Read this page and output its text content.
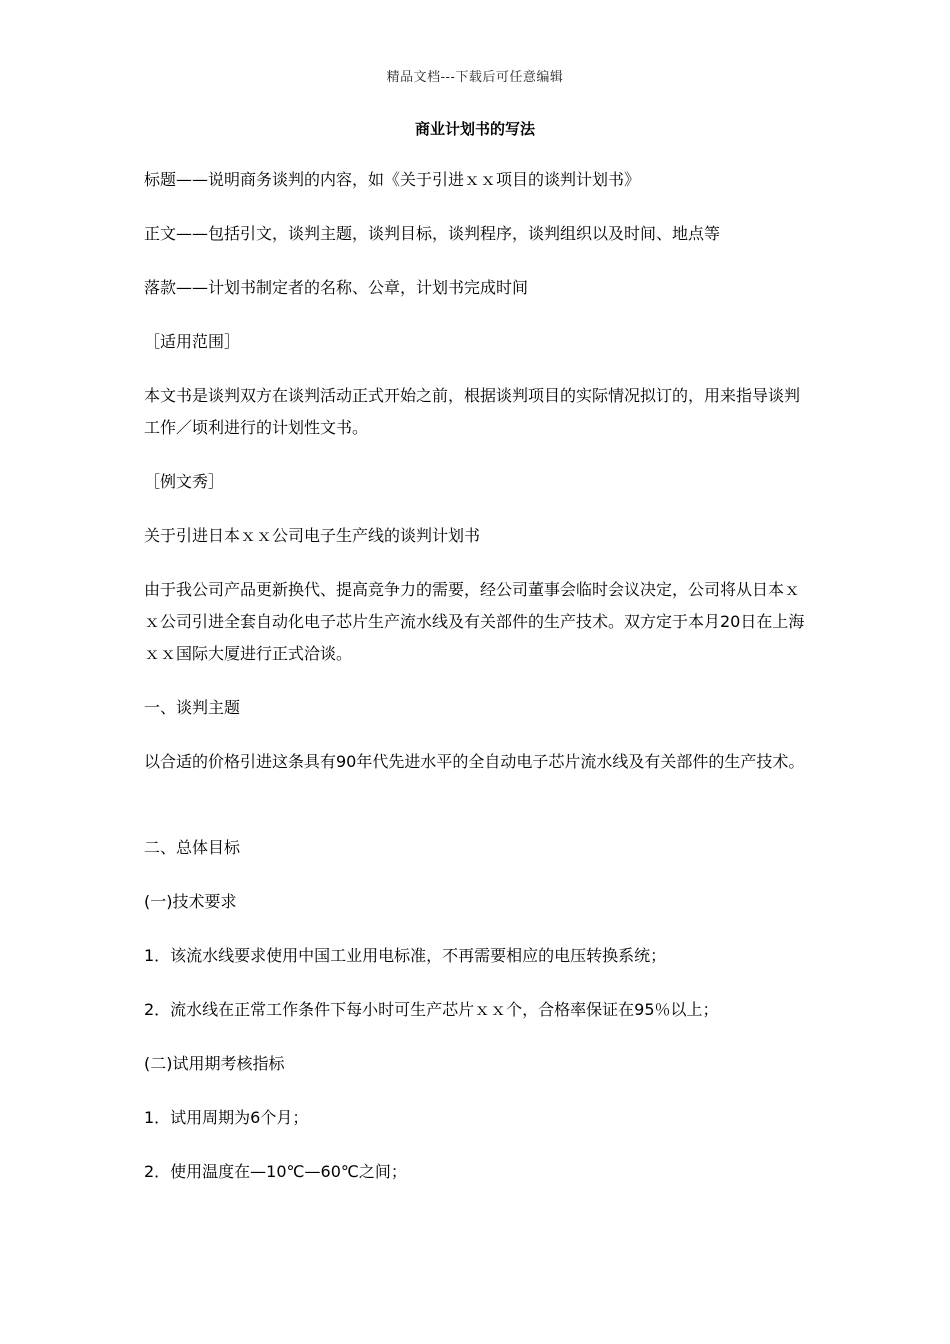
精品文档---下载后可任意编辑
商业计划书的写法

标题——说明商务谈判的内容，如《关于引进ｘｘ项目的谈判计划书》

正文——包括引文，谈判主题，谈判目标，谈判程序，谈判组织以及时间、地点等

落款——计划书制定者的名称、公章，计划书完成时间

［适用范围］

本文书是谈判双方在谈判活动正式开始之前，根据谈判项目的实际情况拟订的，用来指导谈判工作／顷利进行的计划性文书。

［例文秀］

关于引进日本ｘｘ公司电子生产线的谈判计划书

由于我公司产品更新换代、提高竞争力的需要，经公司董事会临时会议决定，公司将从日本ｘｘ公司引进全套自动化电子芯片生产流水线及有关部件的生产技术。双方定于本月20日在上海ｘｘ国际大厦进行正式洽谈。

一、谈判主题

以合适的价格引进这条具有90年代先进水平的全自动电子芯片流水线及有关部件的生产技术。

二、总体目标

(一)技术要求

1．该流水线要求使用中国工业用电标准，不再需要相应的电压转换系统；

2．流水线在正常工作条件下每小时可生产芯片ｘｘ个，合格率保证在95％以上；

(二)试用期考核指标

1．试用周期为6个月；

2．使用温度在—10℃—60℃之间；
